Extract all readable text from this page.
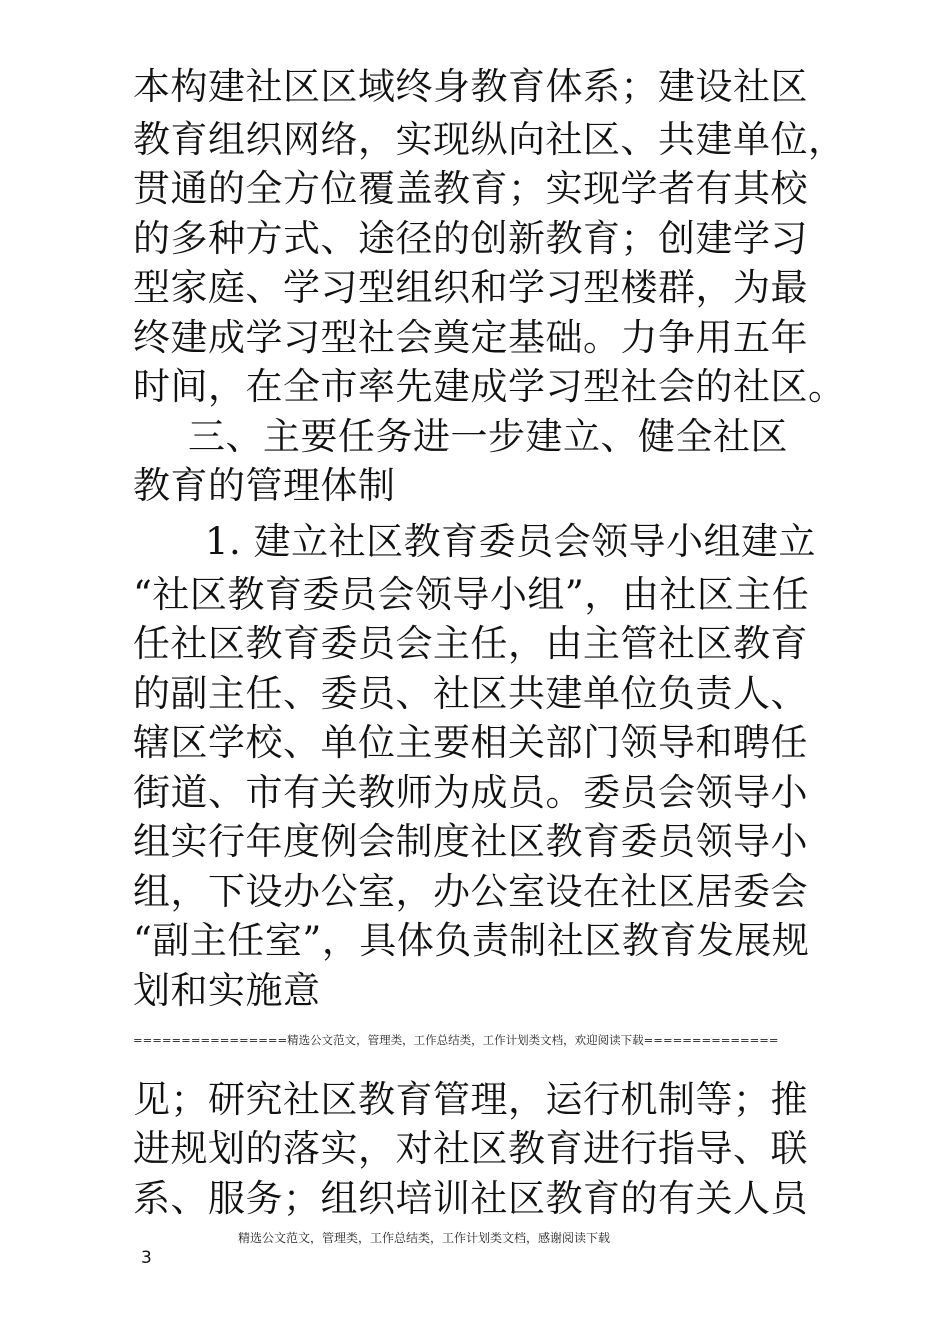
本构建社区区域终身教育体系；建设社区
教育组织网络，实现纵向社区、共建单位，
贯通的全方位覆盖教育；实现学者有其校
的多种方式、途径的创新教育；创建学习
型家庭、学习型组织和学习型楼群，为最
终建成学习型社会奠定基础。力争用五年
时间，在全市率先建成学习型社会的社区。
三、主要任务进一步建立、健全社区
教育的管理体制
1. 建立社区教育委员会领导小组建立
“社区教育委员会领导小组”，由社区主任
任社区教育委员会主任，由主管社区教育
的副主任、委员、社区共建单位负责人、
辖区学校、单位主要相关部门领导和聘任
街道、市有关教师为成员。委员会领导小
组实行年度例会制度社区教育委员领导小
组，下设办公室，办公室设在社区居委会
“副主任室”，具体负责制社区教育发展规
划和实施意
================精选公文范文，管理类，工作总结类，工作计划类文档，欢迎阅读下载==============
见；研究社区教育管理，运行机制等；推
进规划的落实，对社区教育进行指导、联
系、服务；组织培训社区教育的有关人员
精选公文范文，管理类，工作总结类，工作计划类文档，感谢阅读下载
3
